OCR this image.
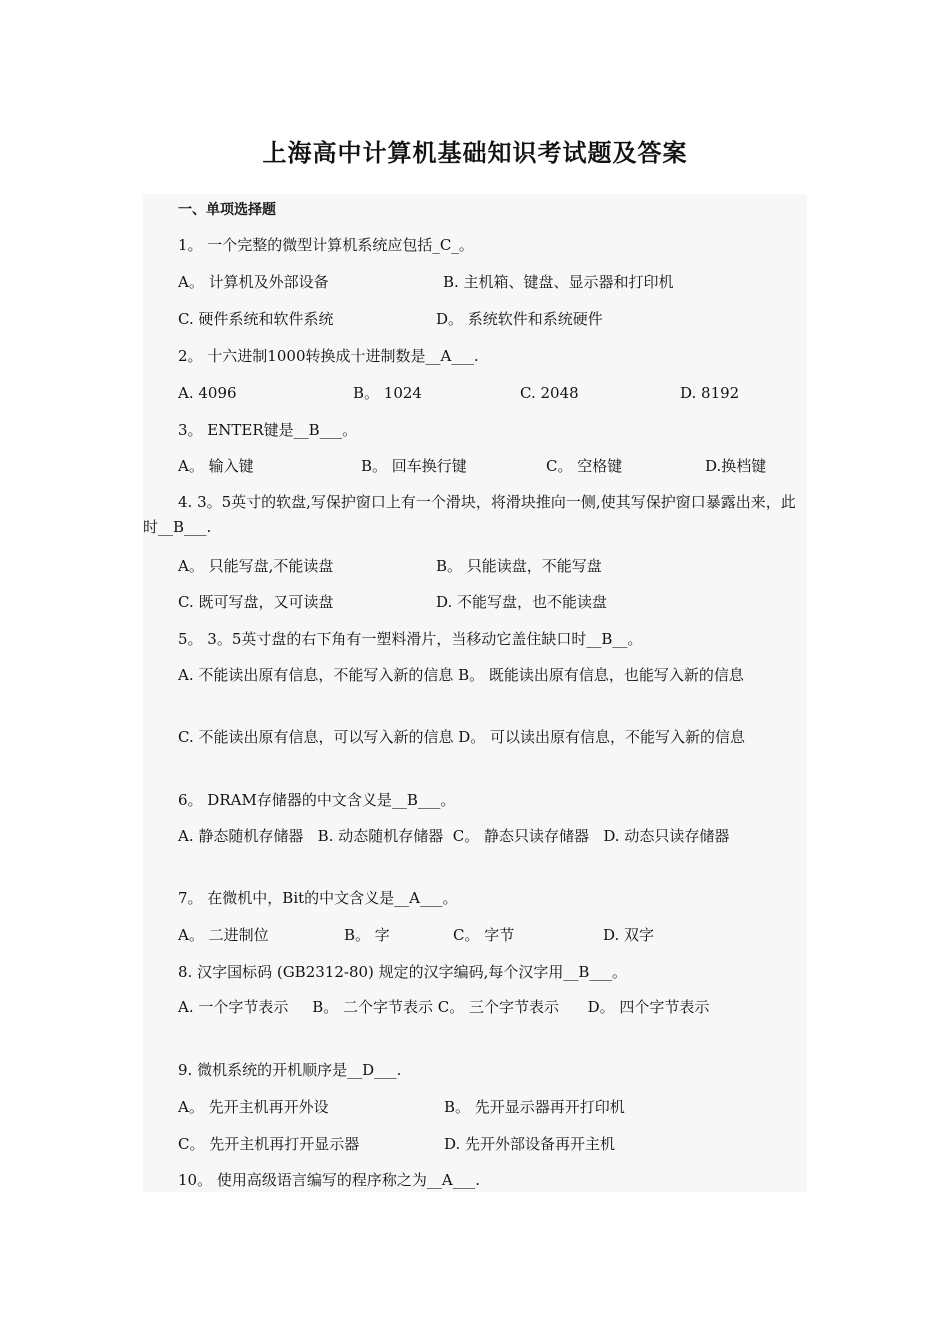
上海高中计算机基础知识考试题及答案
一、单项选择题
1。 一个完整的微型计算机系统应包括_C_。
A。 计算机及外部设备	B. 主机箱、键盘、显示器和打印机
C. 硬件系统和软件系统	D。 系统软件和系统硬件
2。 十六进制1000转换成十进制数是__A___.
A. 4096	B。 1024	C. 2048	D. 8192
3。 ENTER键是__B___。
A。 输入键	B。 回车换行键	C。 空格键	D.换档键
4. 3。5英寸的软盘,写保护窗口上有一个滑块，将滑块推向一侧,使其写保护窗口暴露出来，此时__B___.
A。 只能写盘,不能读盘	B。 只能读盘，不能写盘
C. 既可写盘，又可读盘	D. 不能写盘，也不能读盘
5。 3。5英寸盘的右下角有一塑料滑片，当移动它盖住缺口时__B__。
A. 不能读出原有信息，不能写入新的信息 B。 既能读出原有信息，也能写入新的信息
C. 不能读出原有信息，可以写入新的信息 D。 可以读出原有信息，不能写入新的信息
6。 DRAM存储器的中文含义是__B___。
A. 静态随机存储器   B. 动态随机存储器  C。 静态只读存储器   D. 动态只读存储器
7。 在微机中，Bit的中文含义是__A___。
A。 二进制位	B。 字	C。 字节	D. 双字
8. 汉字国标码 (GB2312-80) 规定的汉字编码,每个汉字用__B___。
A. 一个字节表示     B。 二个字节表示 C。 三个字节表示      D。 四个字节表示
9. 微机系统的开机顺序是__D___.
A。 先开主机再开外设	B。 先开显示器再开打印机
C。 先开主机再打开显示器	D. 先开外部设备再开主机
10。 使用高级语言编写的程序称之为__A___.
